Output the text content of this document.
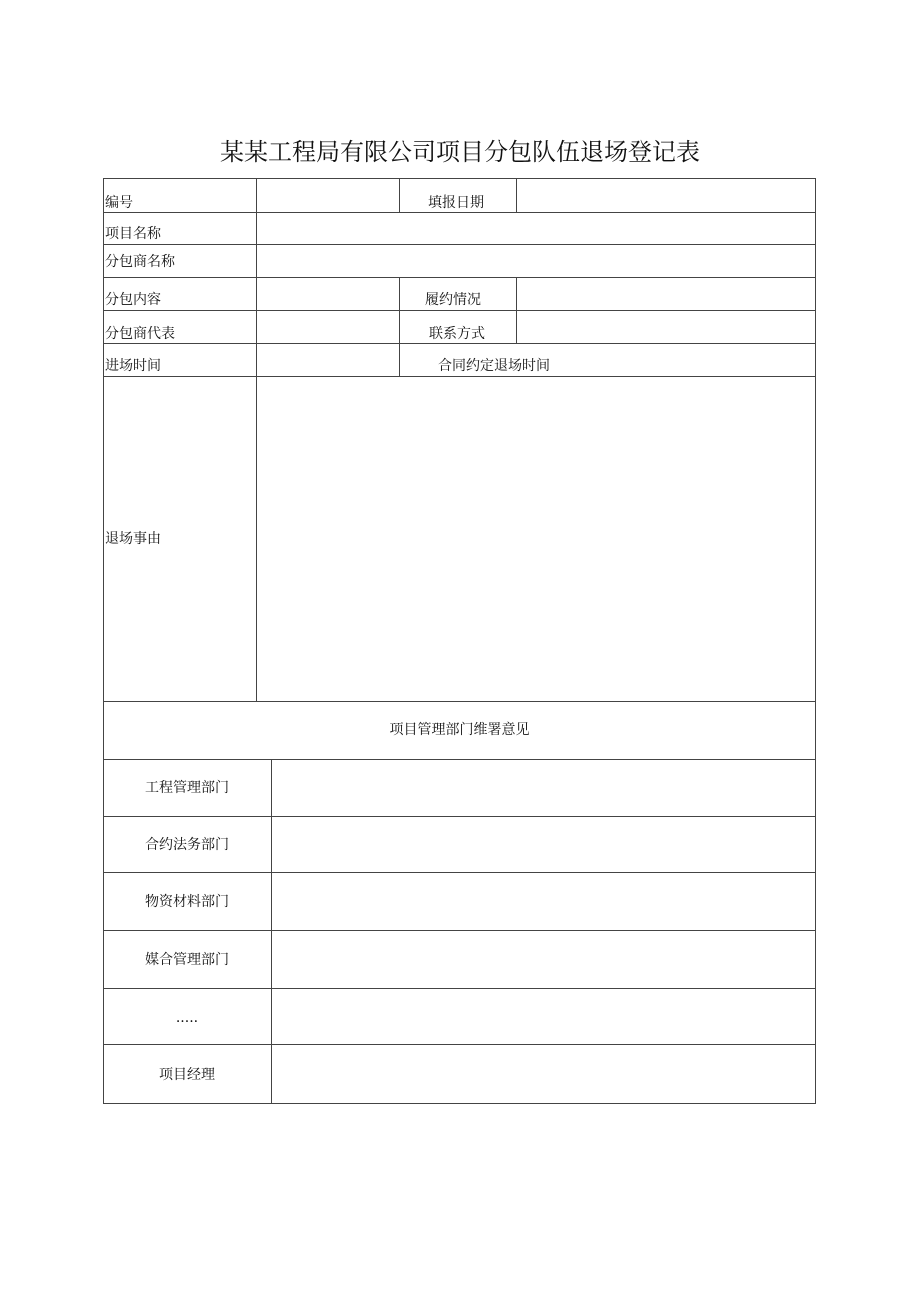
某某工程局有限公司项目分包队伍退场登记表
编号	填报日期
项目名称
分包商名称
分包内容	履约情况
分包商代表	联系方式
进场时间	合同约定退场时间
退场事由
项目管理部门维署意见
工程管理部门
合约法务部门
物资材料部门
媒合管理部门
.....
项目经理
